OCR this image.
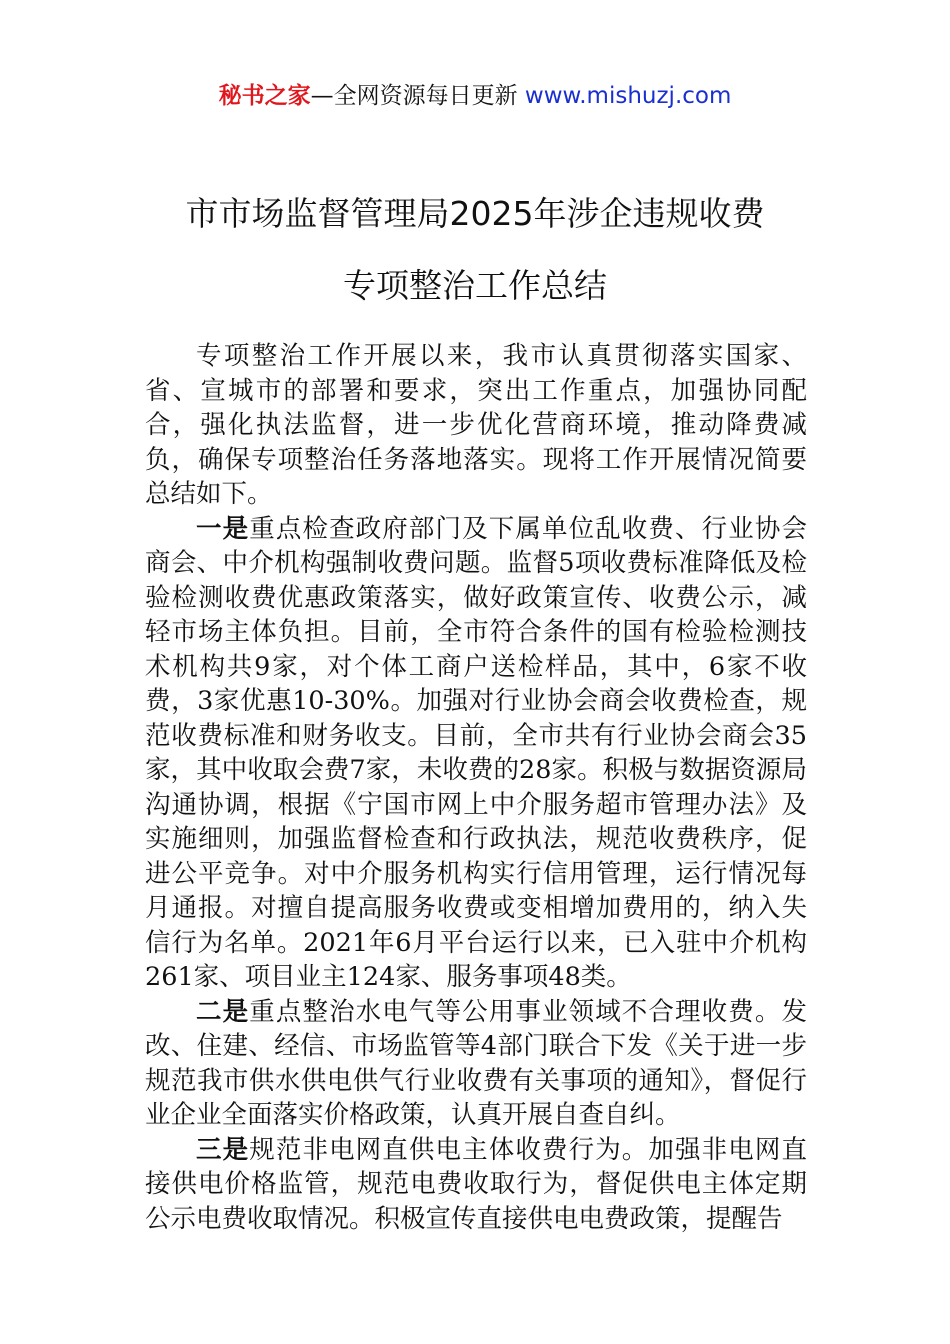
秘书之家—全网资源每日更新 www.mishuzj.com
市市场监督管理局2025年涉企违规收费
专项整治工作总结

专项整治工作开展以来，我市认真贯彻落实国家、省、宣城市的部署和要求，突出工作重点，加强协同配合，强化执法监督，进一步优化营商环境，推动降费减负，确保专项整治任务落地落实。现将工作开展情况简要总结如下。

一是重点检查政府部门及下属单位乱收费、行业协会商会、中介机构强制收费问题。监督5项收费标准降低及检验检测收费优惠政策落实，做好政策宣传、收费公示，减轻市场主体负担。目前，全市符合条件的国有检验检测技术机构共9家，对个体工商户送检样品，其中，6家不收费，3家优惠10-30%。加强对行业协会商会收费检查，规范收费标准和财务收支。目前，全市共有行业协会商会35家，其中收取会费7家，未收费的28家。积极与数据资源局沟通协调，根据《宁国市网上中介服务超市管理办法》及实施细则，加强监督检查和行政执法，规范收费秩序，促进公平竞争。对中介服务机构实行信用管理，运行情况每月通报。对擅自提高服务收费或变相增加费用的，纳入失信行为名单。2021年6月平台运行以来，已入驻中介机构261家、项目业主124家、服务事项48类。

二是重点整治水电气等公用事业领域不合理收费。发改、住建、经信、市场监管等4部门联合下发《关于进一步规范我市供水供电供气行业收费有关事项的通知》，督促行业企业全面落实价格政策，认真开展自查自纠。

三是规范非电网直供电主体收费行为。加强非电网直接供电价格监管，规范电费收取行为，督促供电主体定期公示电费收取情况。积极宣传直接供电电费政策，提醒告
